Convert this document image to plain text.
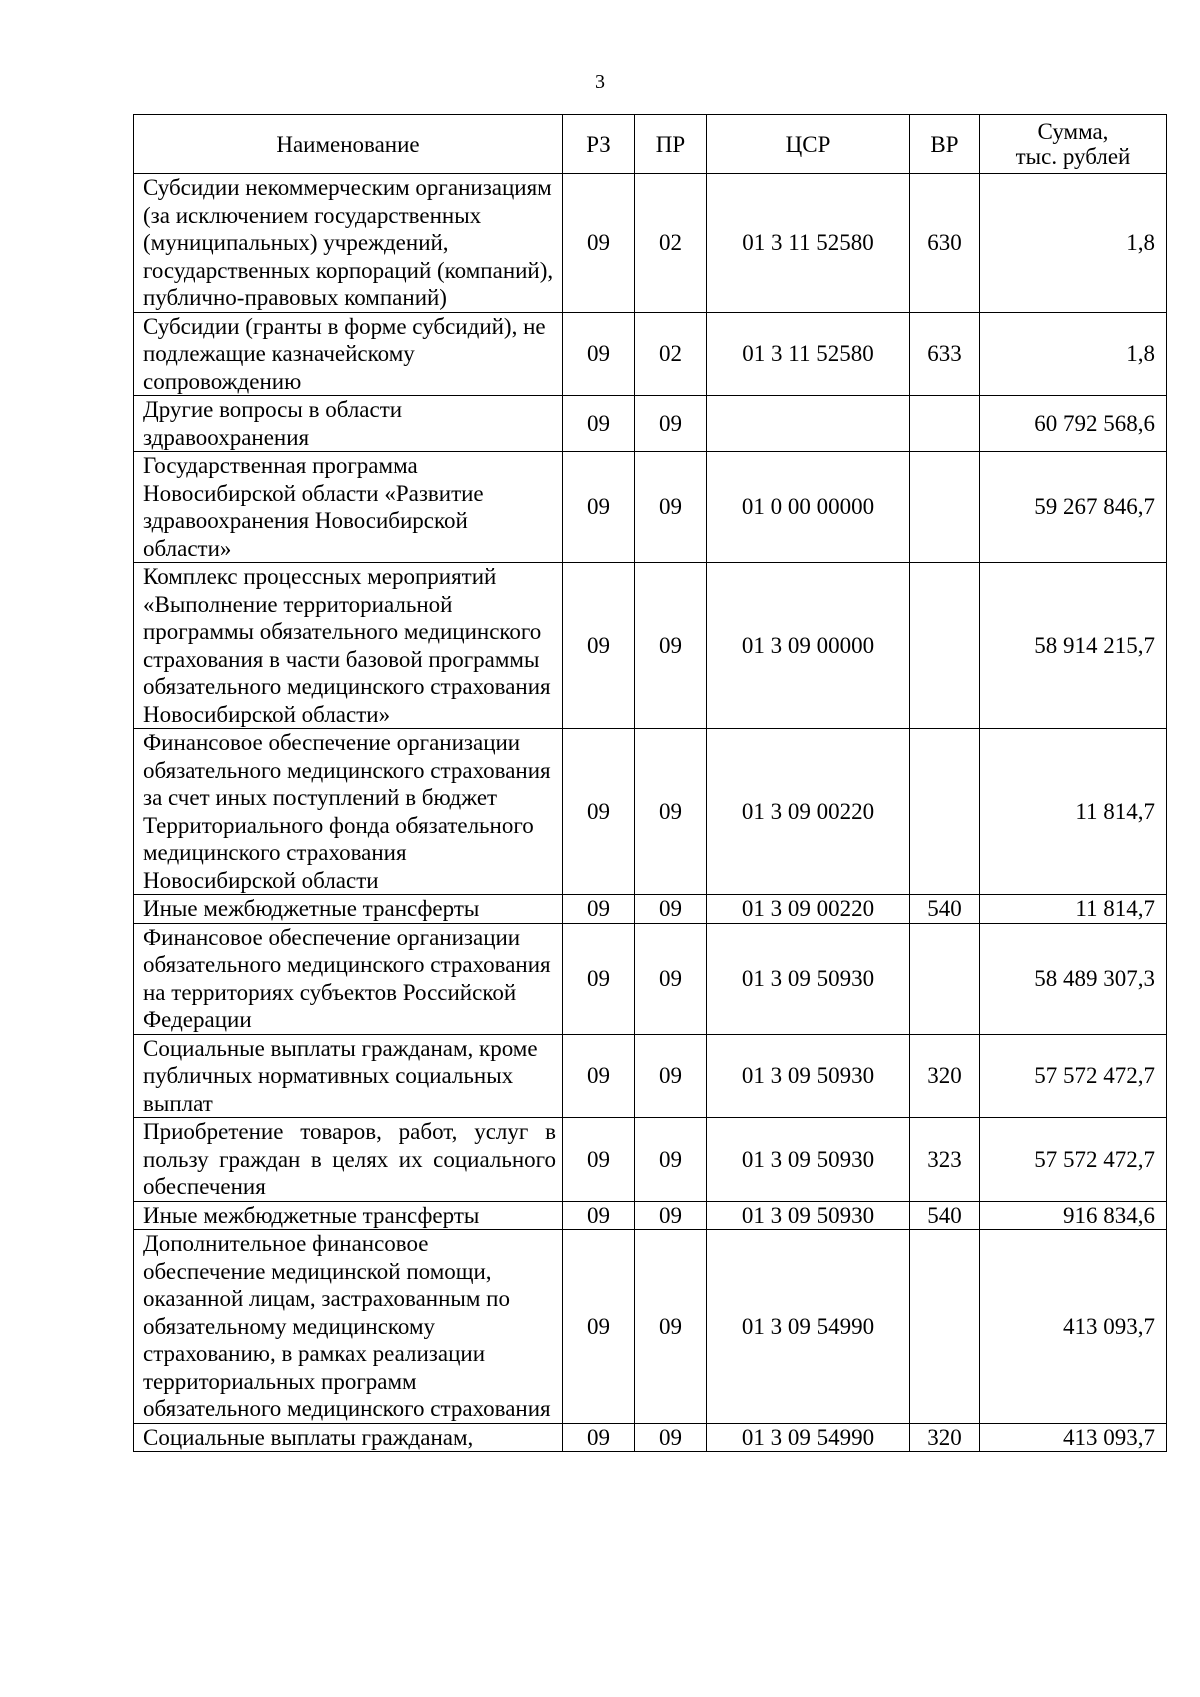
3
Наименование	РЗ	ПР	ЦСР	ВР	Сумма,
тыс. рублей
Субсидии некоммерческим организациям (за исключением государственных (муниципальных) учреждений, государственных корпораций (компаний), публично-правовых компаний)	09	02	01 3 11 52580	630	1,8
Субсидии (гранты в форме субсидий), не подлежащие казначейскому сопровождению	09	02	01 3 11 52580	633	1,8
Другие вопросы в области здравоохранения	09	09			60 792 568,6
Государственная программа Новосибирской области «Развитие здравоохранения Новосибирской области»	09	09	01 0 00 00000		59 267 846,7
Комплекс процессных мероприятий «Выполнение территориальной программы обязательного медицинского страхования в части базовой программы обязательного медицинского страхования Новосибирской области»	09	09	01 3 09 00000		58 914 215,7
Финансовое обеспечение организации обязательного медицинского страхования за счет иных поступлений в бюджет Территориального фонда обязательного медицинского страхования Новосибирской области	09	09	01 3 09 00220		11 814,7
Иные межбюджетные трансферты	09	09	01 3 09 00220	540	11 814,7
Финансовое обеспечение организации обязательного медицинского страхования на территориях субъектов Российской Федерации	09	09	01 3 09 50930		58 489 307,3
Социальные выплаты гражданам, кроме публичных нормативных социальных выплат	09	09	01 3 09 50930	320	57 572 472,7
Приобретение товаров, работ, услуг в пользу граждан в целях их социального обеспечения	09	09	01 3 09 50930	323	57 572 472,7
Иные межбюджетные трансферты	09	09	01 3 09 50930	540	916 834,6
Дополнительное финансовое обеспечение медицинской помощи, оказанной лицам, застрахованным по обязательному медицинскому страхованию, в рамках реализации территориальных программ обязательного медицинского страхования	09	09	01 3 09 54990		413 093,7
Социальные выплаты гражданам,	09	09	01 3 09 54990	320	413 093,7
